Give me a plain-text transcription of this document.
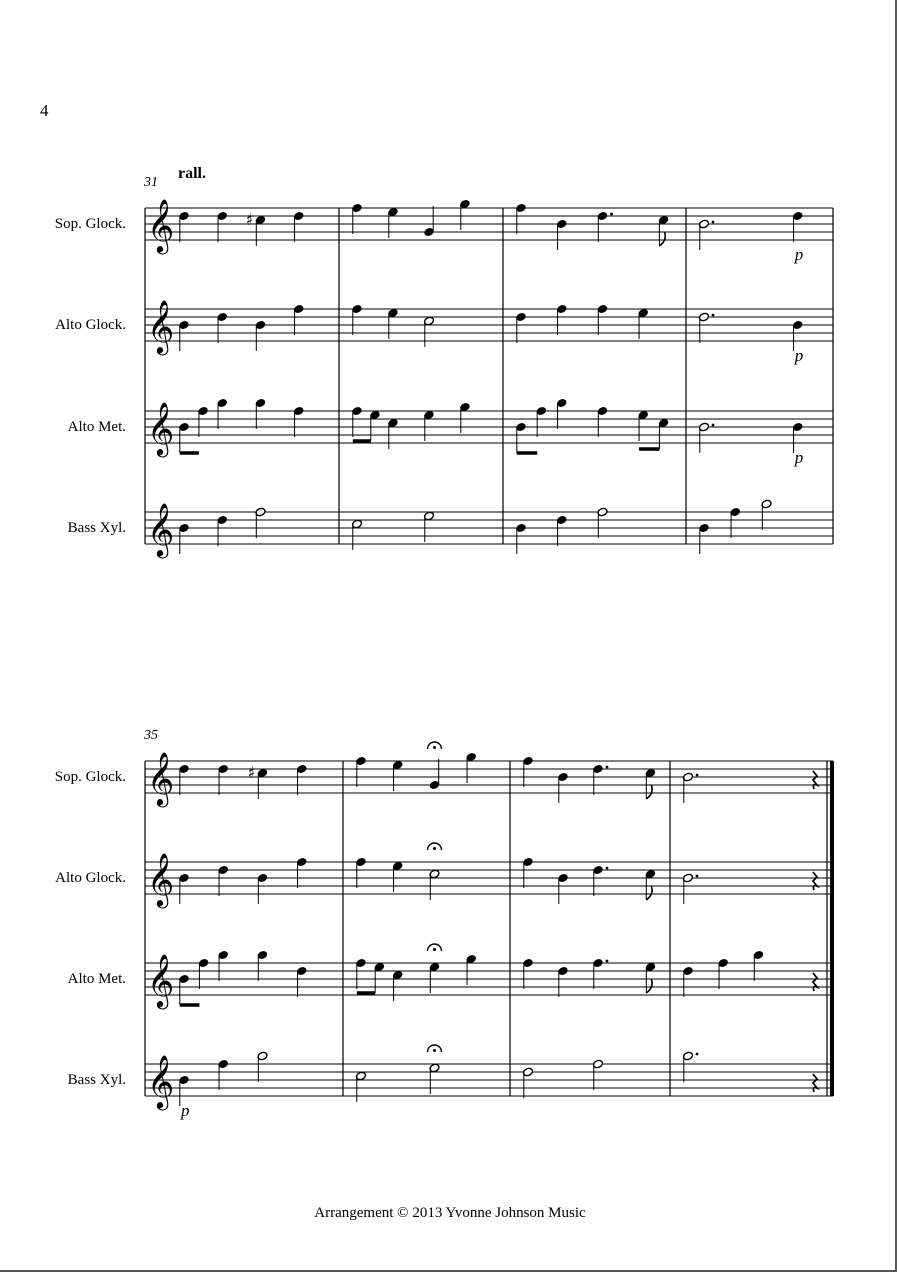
4
31
rall.
Sop. Glock. 𝄞	♯
p
Alto Glock. 𝄞
p
Alto Met. 𝄞
p
Bass Xyl. 𝄞
35
Sop. Glock. 𝄞	♯
Alto Glock. 𝄞
Alto Met. 𝄞
Bass Xyl. 𝄞
p
Arrangement © 2013 Yvonne Johnson Music
